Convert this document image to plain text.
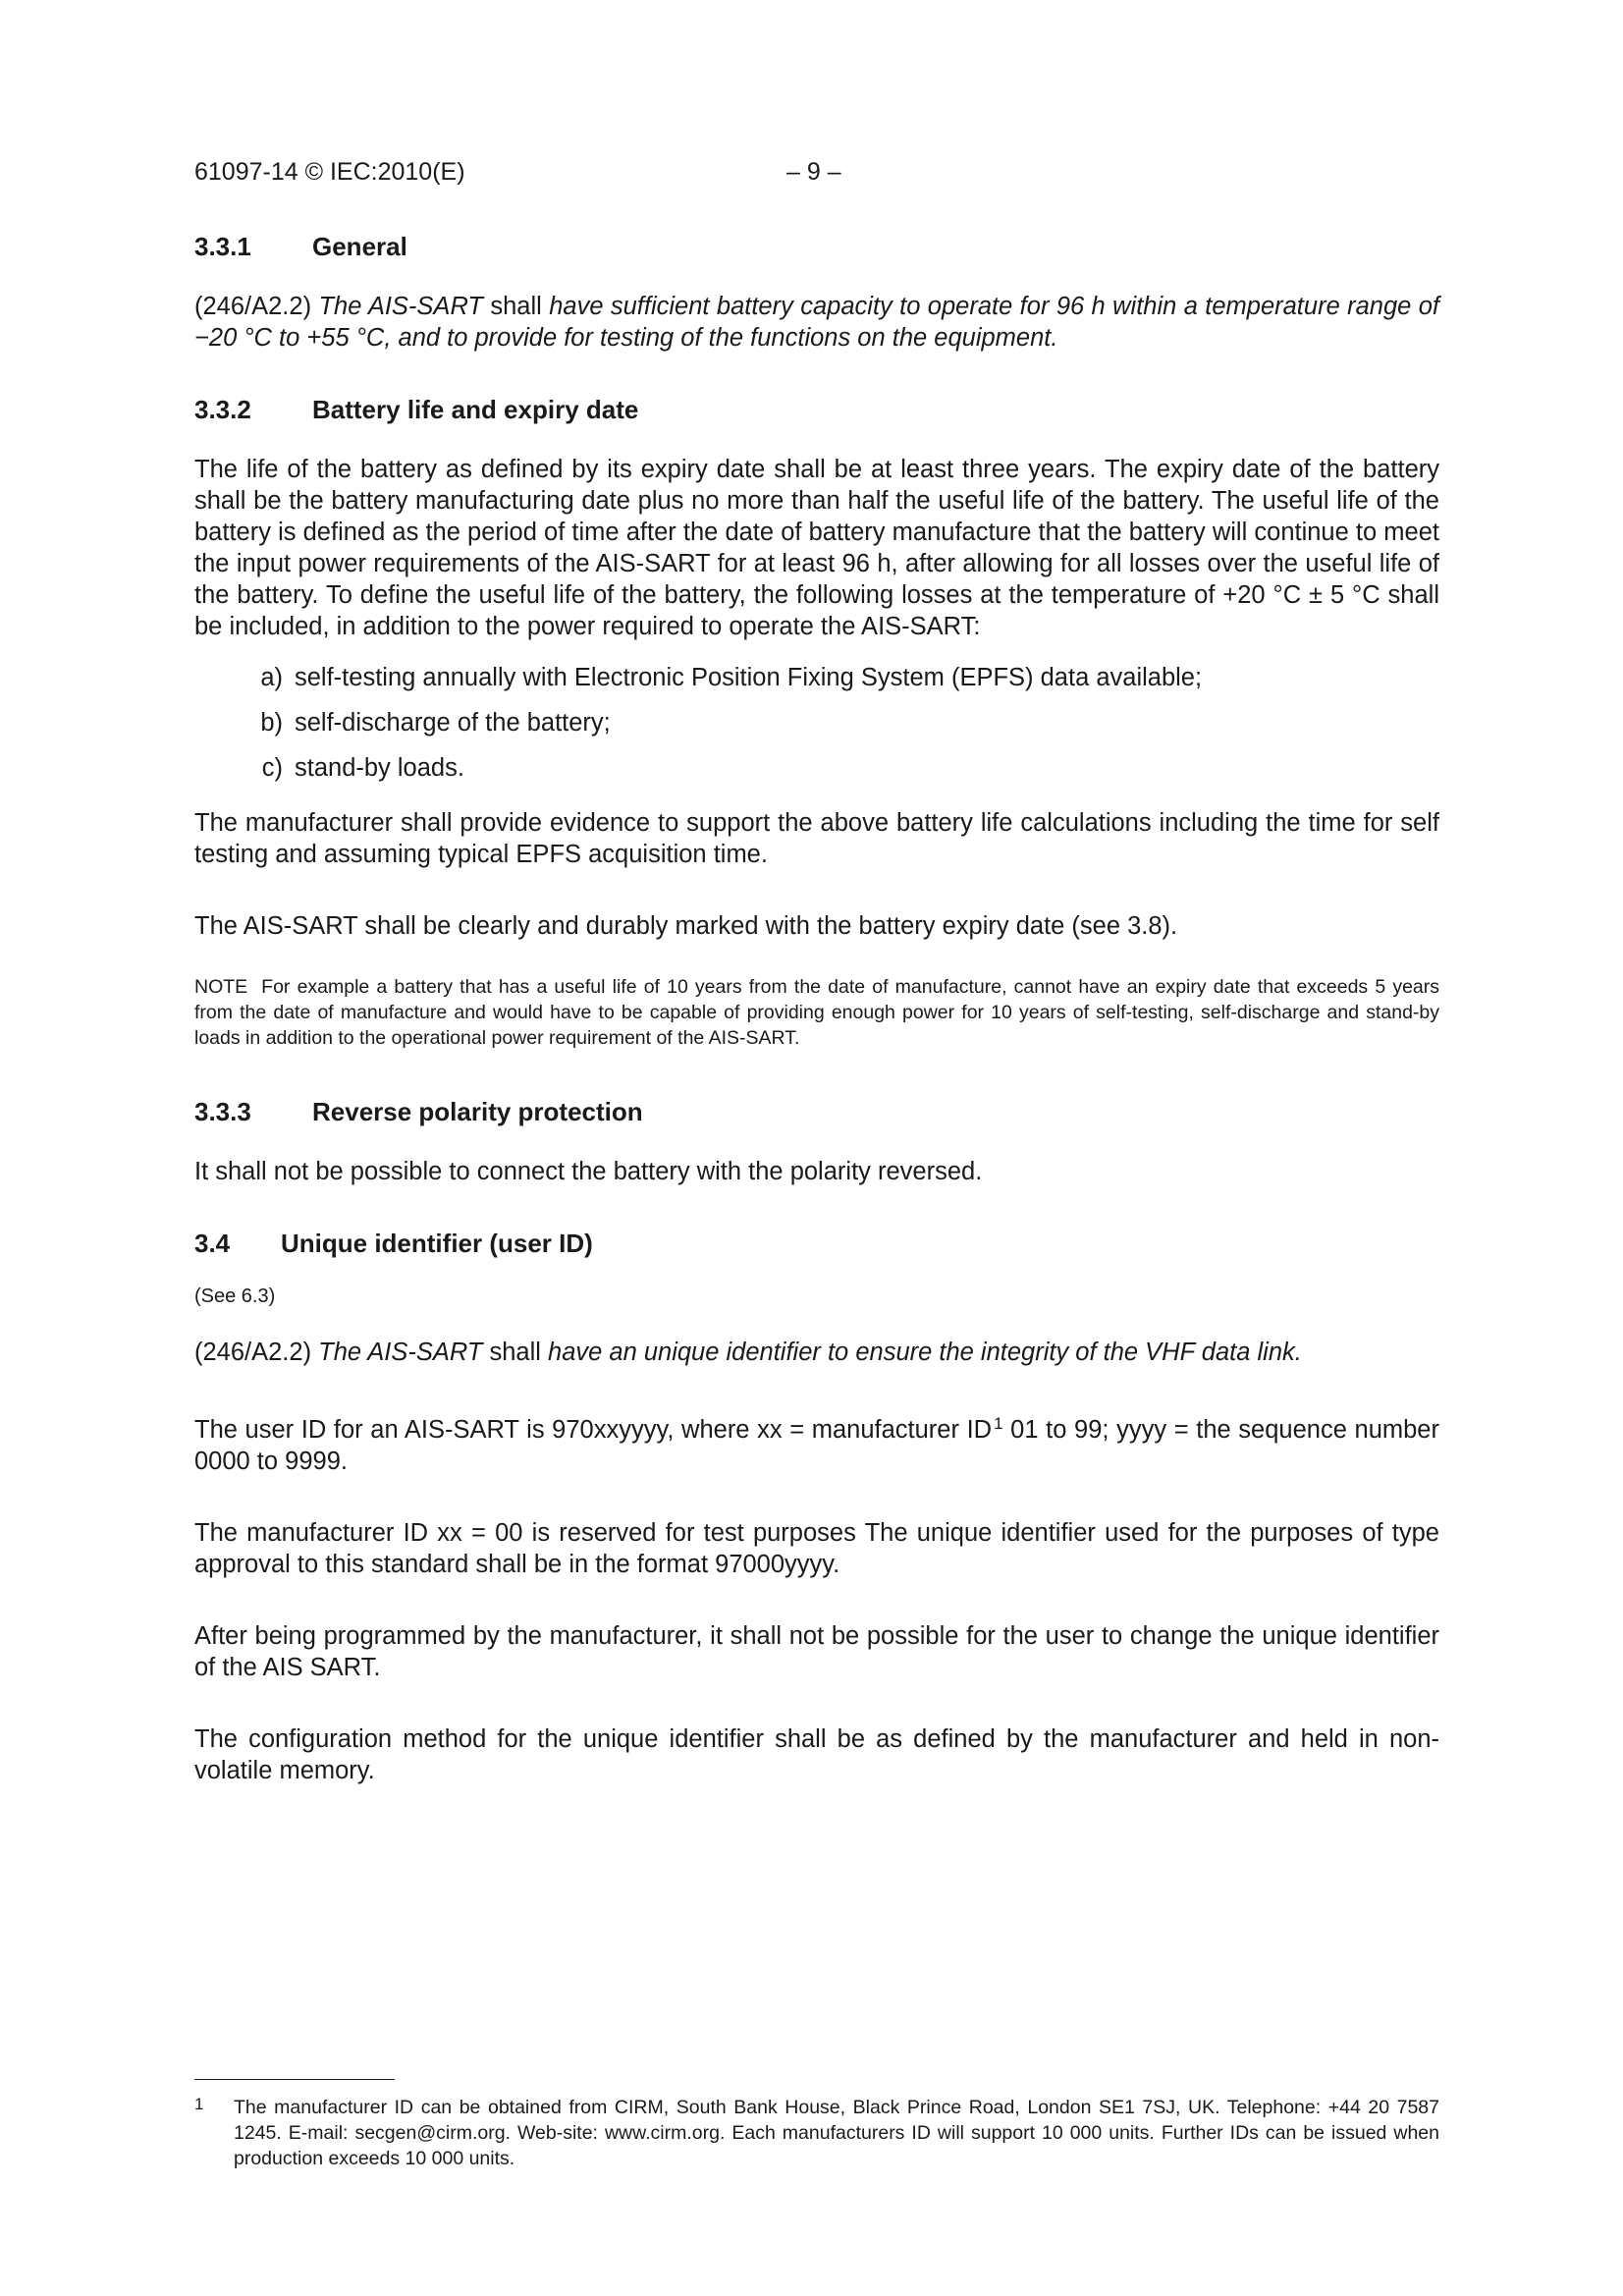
61097-14 © IEC:2010(E)	– 9 –
3.3.1	General

(246/A2.2) The AIS-SART shall have sufficient battery capacity to operate for 96 h within a temperature range of −20 °C to +55 °C, and to provide for testing of the functions on the equipment.

3.3.2	Battery life and expiry date

The life of the battery as defined by its expiry date shall be at least three years. The expiry date of the battery shall be the battery manufacturing date plus no more than half the useful life of the battery. The useful life of the battery is defined as the period of time after the date of battery manufacture that the battery will continue to meet the input power requirements of the AIS-SART for at least 96 h, after allowing for all losses over the useful life of the battery. To define the useful life of the battery, the following losses at the temperature of +20 °C ± 5 °C shall be included, in addition to the power required to operate the AIS-SART:

a) self-testing annually with Electronic Position Fixing System (EPFS) data available;
b) self-discharge of the battery;
c) stand-by loads.

The manufacturer shall provide evidence to support the above battery life calculations including the time for self testing and assuming typical EPFS acquisition time.

The AIS-SART shall be clearly and durably marked with the battery expiry date (see 3.8).

NOTE For example a battery that has a useful life of 10 years from the date of manufacture, cannot have an expiry date that exceeds 5 years from the date of manufacture and would have to be capable of providing enough power for 10 years of self-testing, self-discharge and stand-by loads in addition to the operational power requirement of the AIS-SART.

3.3.3	Reverse polarity protection

It shall not be possible to connect the battery with the polarity reversed.

3.4	Unique identifier (user ID)

(See 6.3)

(246/A2.2) The AIS-SART shall have an unique identifier to ensure the integrity of the VHF data link.

The user ID for an AIS-SART is 970xxyyyy, where xx = manufacturer ID $^1$ 01 to 99; yyyy = the sequence number 0000 to 9999.

The manufacturer ID xx = 00 is reserved for test purposes The unique identifier used for the purposes of type approval to this standard shall be in the format 97000yyyy.

After being programmed by the manufacturer, it shall not be possible for the user to change the unique identifier of the AIS SART.

The configuration method for the unique identifier shall be as defined by the manufacturer and held in non-volatile memory.

1	The manufacturer ID can be obtained from CIRM, South Bank House, Black Prince Road, London SE1 7SJ, UK. Telephone: +44 20 7587 1245. E-mail: secgen@cirm.org. Web-site: www.cirm.org. Each manufacturers ID will support 10 000 units. Further IDs can be issued when production exceeds 10 000 units.
